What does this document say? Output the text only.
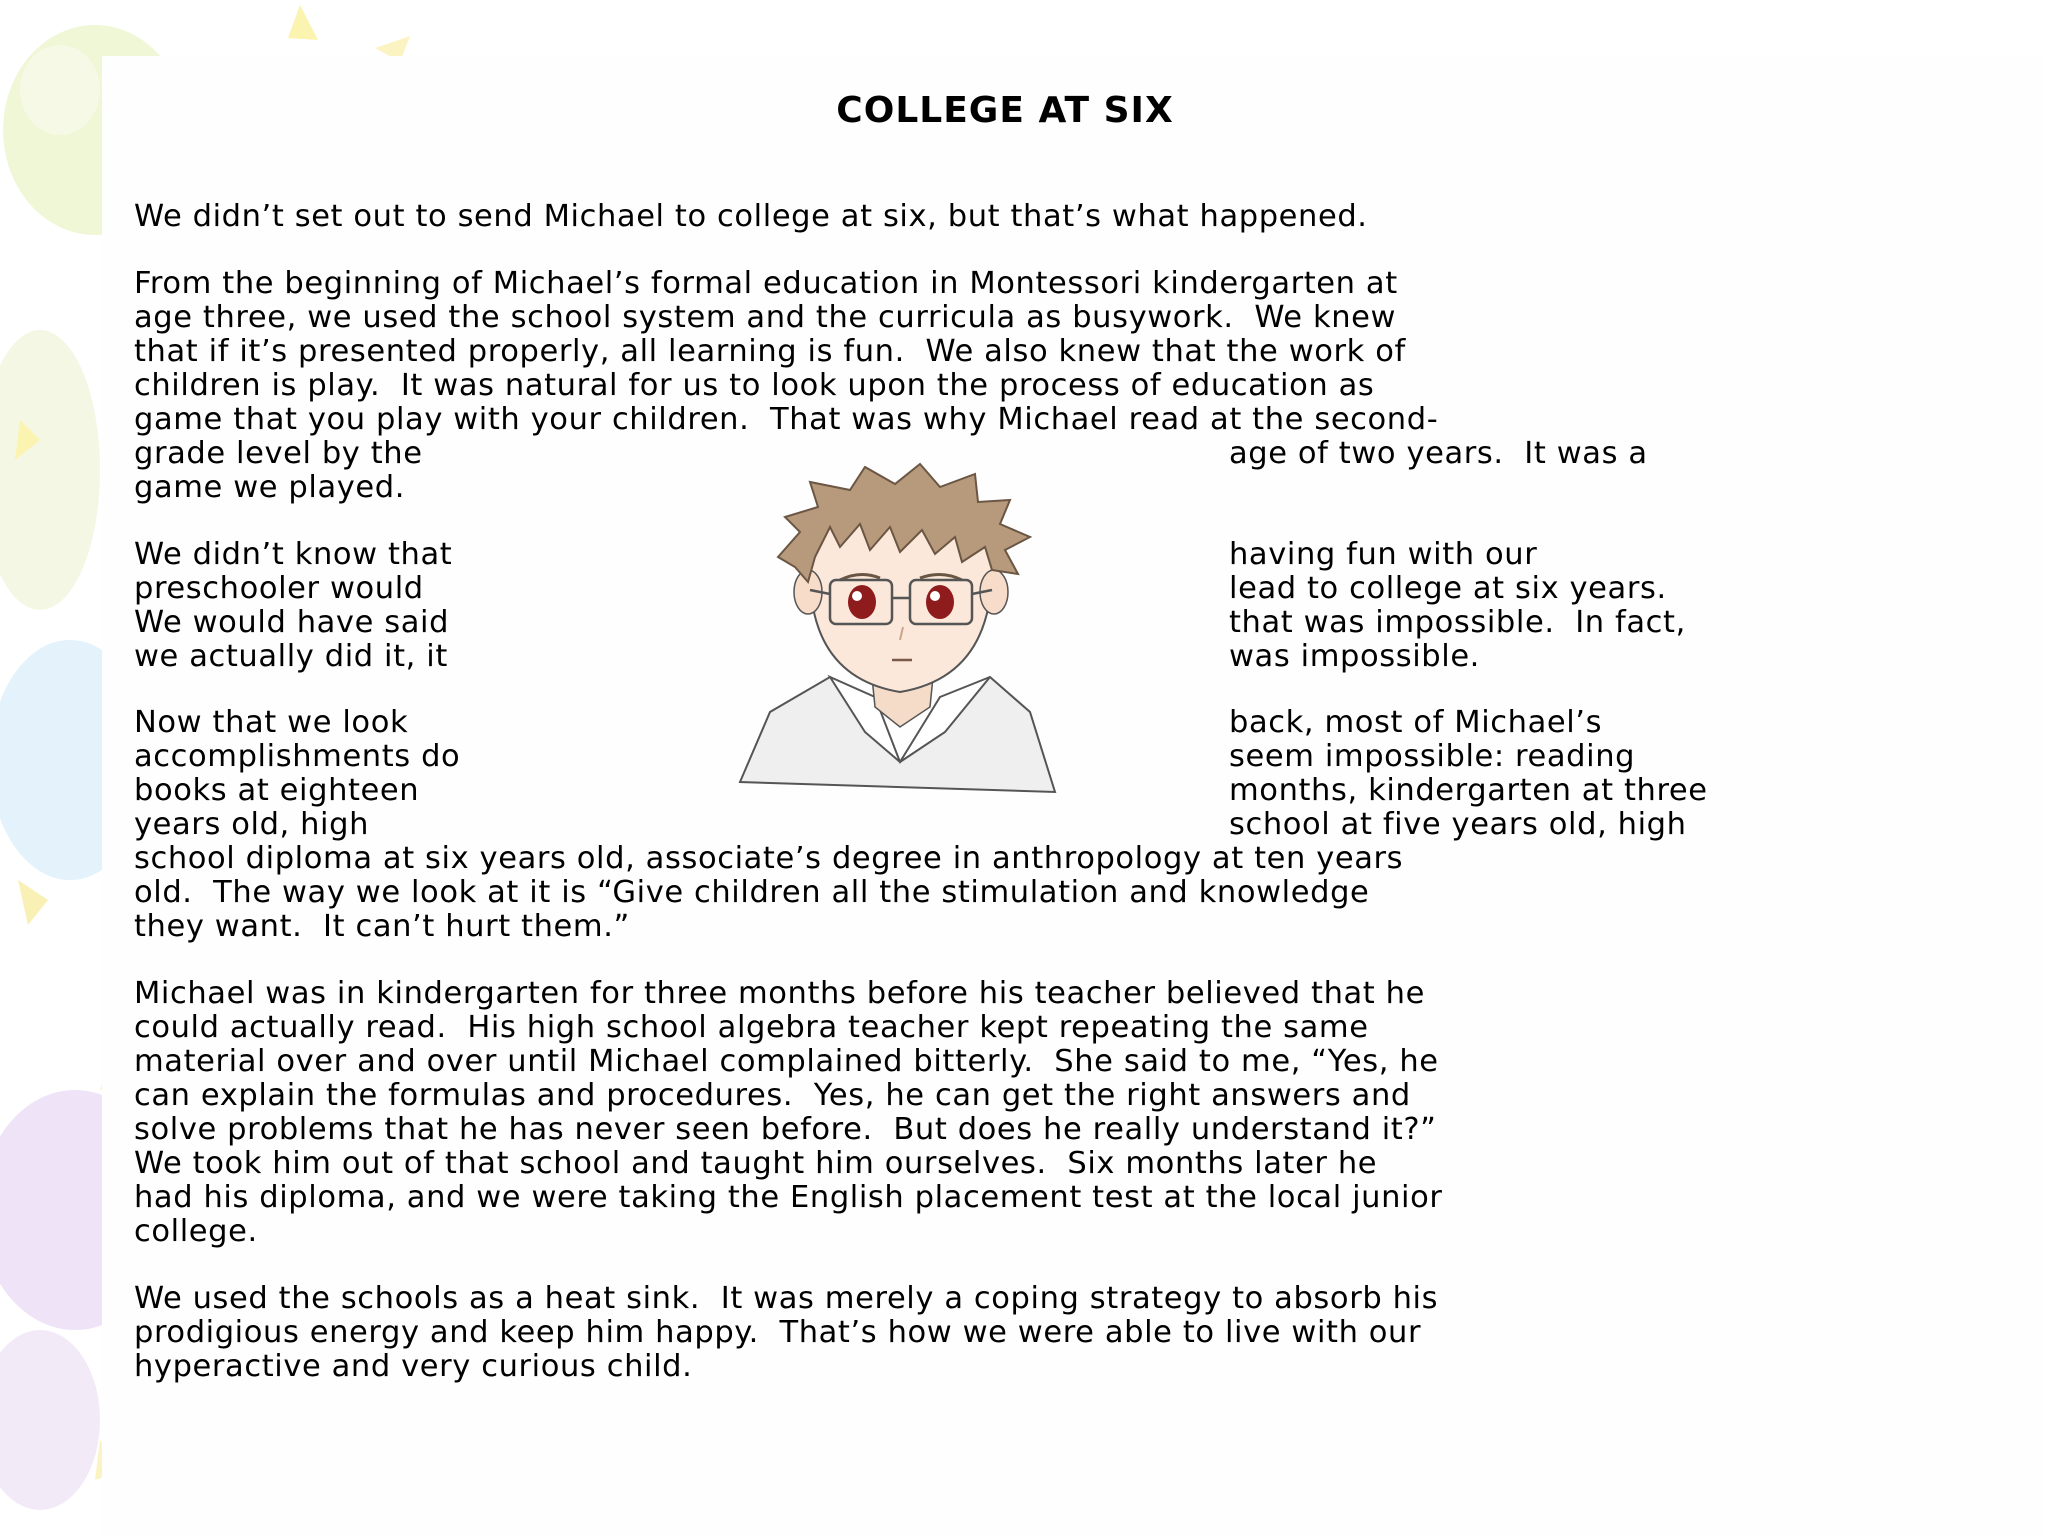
COLLEGE AT SIX
We didn’t set out to send Michael to college at six, but that’s what happened.
From the beginning of Michael’s formal education in Montessori kindergarten at
age three, we used the school system and the curricula as busywork.  We knew
that if it’s presented properly, all learning is fun.  We also knew that the work of
children is play.  It was natural for us to look upon the process of education as
game that you play with your children.  That was why Michael read at the second-
grade level by the	age of two years.  It was a
game we played.
We didn’t know that	having fun with our
preschooler would	lead to college at six years.
We would have said	that was impossible.  In fact,
we actually did it, it	was impossible.
Now that we look	back, most of Michael’s
accomplishments do	seem impossible: reading
books at eighteen	months, kindergarten at three
years old, high	school at five years old, high
school diploma at six years old, associate’s degree in anthropology at ten years
old.  The way we look at it is “Give children all the stimulation and knowledge
they want.  It can’t hurt them.”
Michael was in kindergarten for three months before his teacher believed that he
could actually read.  His high school algebra teacher kept repeating the same
material over and over until Michael complained bitterly.  She said to me, “Yes, he
can explain the formulas and procedures.  Yes, he can get the right answers and
solve problems that he has never seen before.  But does he really understand it?”
We took him out of that school and taught him ourselves.  Six months later he
had his diploma, and we were taking the English placement test at the local junior
college.
We used the schools as a heat sink.  It was merely a coping strategy to absorb his
prodigious energy and keep him happy.  That’s how we were able to live with our
hyperactive and very curious child.
